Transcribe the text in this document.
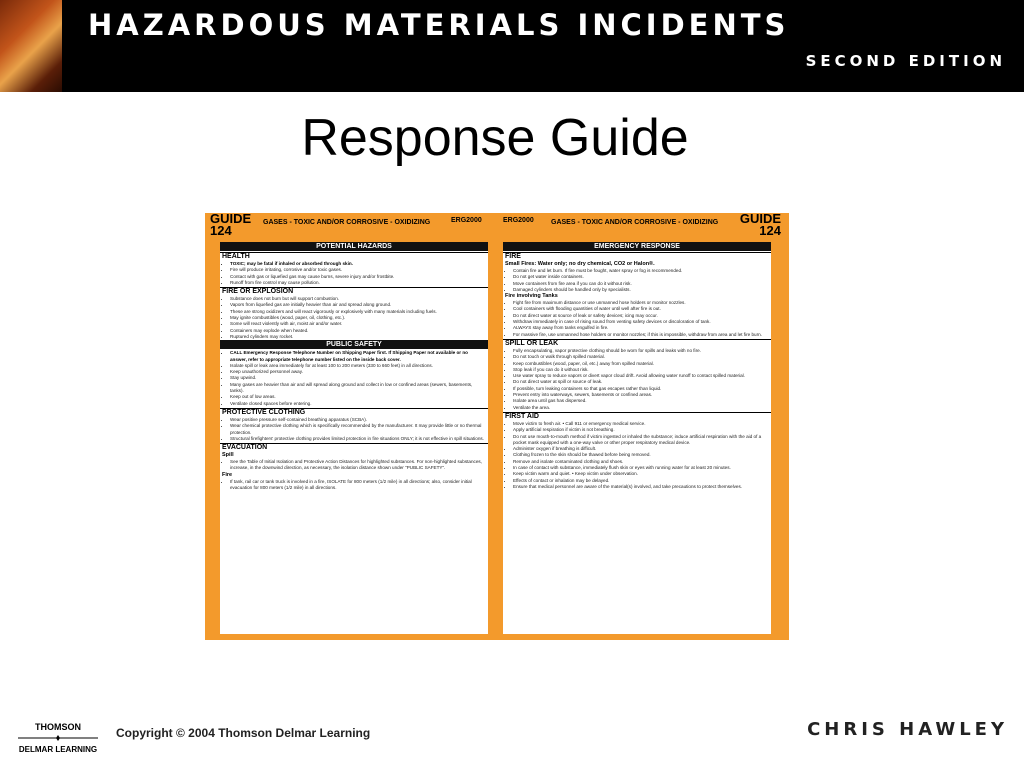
HAZARDOUS MATERIALS INCIDENTS
SECOND EDITION
Response Guide
GUIDE
124
GASES - TOXIC AND/OR CORROSIVE - OXIDIZING	ERG2000	ERG2000 GASES - TOXIC AND/OR CORROSIVE - OXIDIZING GUIDE
124
POTENTIAL HAZARDS
HEALTH
• TOXIC; may be fatal if inhaled or absorbed through skin.
• Fire will produce irritating, corrosive and/or toxic gases.
• Contact with gas or liquefied gas may cause burns, severe injury and/or frostbite.
• Runoff from fire control may cause pollution.
FIRE OR EXPLOSION
• Substance does not burn but will support combustion.
• Vapors from liquefied gas are initially heavier than air and spread along ground.
• These are strong oxidizers and will react vigorously or explosively with many materials including fuels.
• May ignite combustibles (wood, paper, oil, clothing, etc.).
• Some will react violently with air, moist air and/or water.
• Containers may explode when heated.
• Ruptured cylinders may rocket.
PUBLIC SAFETY
• CALL Emergency Response Telephone Number on Shipping Paper first. If Shipping Paper not available or no answer, refer to appropriate telephone number listed on the inside back cover.
• Isolate spill or leak area immediately for at least 100 to 200 meters (330 to 660 feet) in all directions.
• Keep unauthorized personnel away.
• Stay upwind.
• Many gases are heavier than air and will spread along ground and collect in low or confined areas (sewers, basements, tanks).
• Keep out of low areas.
• Ventilate closed spaces before entering.
PROTECTIVE CLOTHING
• Wear positive pressure self-contained breathing apparatus (SCBA).
• Wear chemical protective clothing which is specifically recommended by the manufacturer. It may provide little or no thermal protection.
• Structural firefighters' protective clothing provides limited protection in fire situations ONLY; it is not effective in spill situations.
EVACUATION
Spill
• See the Table of Initial Isolation and Protective Action Distances for highlighted substances. For non-highlighted substances, increase, in the downwind direction, as necessary, the isolation distance shown under "PUBLIC SAFETY".
Fire
• If tank, rail car or tank truck is involved in a fire, ISOLATE for 800 meters (1/2 mile) in all directions; also, consider initial evacuation for 800 meters (1/2 mile) in all directions.
EMERGENCY RESPONSE
FIRE
Small Fires: Water only; no dry chemical, CO2 or Halon®.
• Contain fire and let burn. If fire must be fought, water spray or fog is recommended.
• Do not get water inside containers.
• Move containers from fire area if you can do it without risk.
• Damaged cylinders should be handled only by specialists.
Fire involving Tanks
• Fight fire from maximum distance or use unmanned hose holders or monitor nozzles.
• Cool containers with flooding quantities of water until well after fire is out.
• Do not direct water at source of leak or safety devices; icing may occur.
• Withdraw immediately in case of rising sound from venting safety devices or discoloration of tank.
• ALWAYS stay away from tanks engulfed in fire.
• For massive fire, use unmanned hose holders or monitor nozzles; if this is impossible, withdraw from area and let fire burn.
SPILL OR LEAK
• Fully encapsulating, vapor protective clothing should be worn for spills and leaks with no fire.
• Do not touch or walk through spilled material.
• Keep combustibles (wood, paper, oil, etc.) away from spilled material.
• Stop leak if you can do it without risk.
• Use water spray to reduce vapors or divert vapor cloud drift. Avoid allowing water runoff to contact spilled material.
• Do not direct water at spill or source of leak.
• If possible, turn leaking containers so that gas escapes rather than liquid.
• Prevent entry into waterways, sewers, basements or confined areas.
• Isolate area until gas has dispersed.
• Ventilate the area.
FIRST AID
• Move victim to fresh air. • Call 911 or emergency medical service.
• Apply artificial respiration if victim is not breathing.
• Do not use mouth-to-mouth method if victim ingested or inhaled the substance; induce artificial respiration with the aid of a pocket mask equipped with a one-way valve or other proper respiratory medical device.
• Administer oxygen if breathing is difficult.
• Clothing frozen to the skin should be thawed before being removed.
• Remove and isolate contaminated clothing and shoes.
• In case of contact with substance, immediately flush skin or eyes with running water for at least 20 minutes.
• Keep victim warm and quiet. • Keep victim under observation.
• Effects of contact or inhalation may be delayed.
• Ensure that medical personnel are aware of the material(s) involved, and take precautions to protect themselves.
THOMSON
DELMAR LEARNING
Copyright © 2004 Thomson Delmar Learning	CHRIS HAWLEY
